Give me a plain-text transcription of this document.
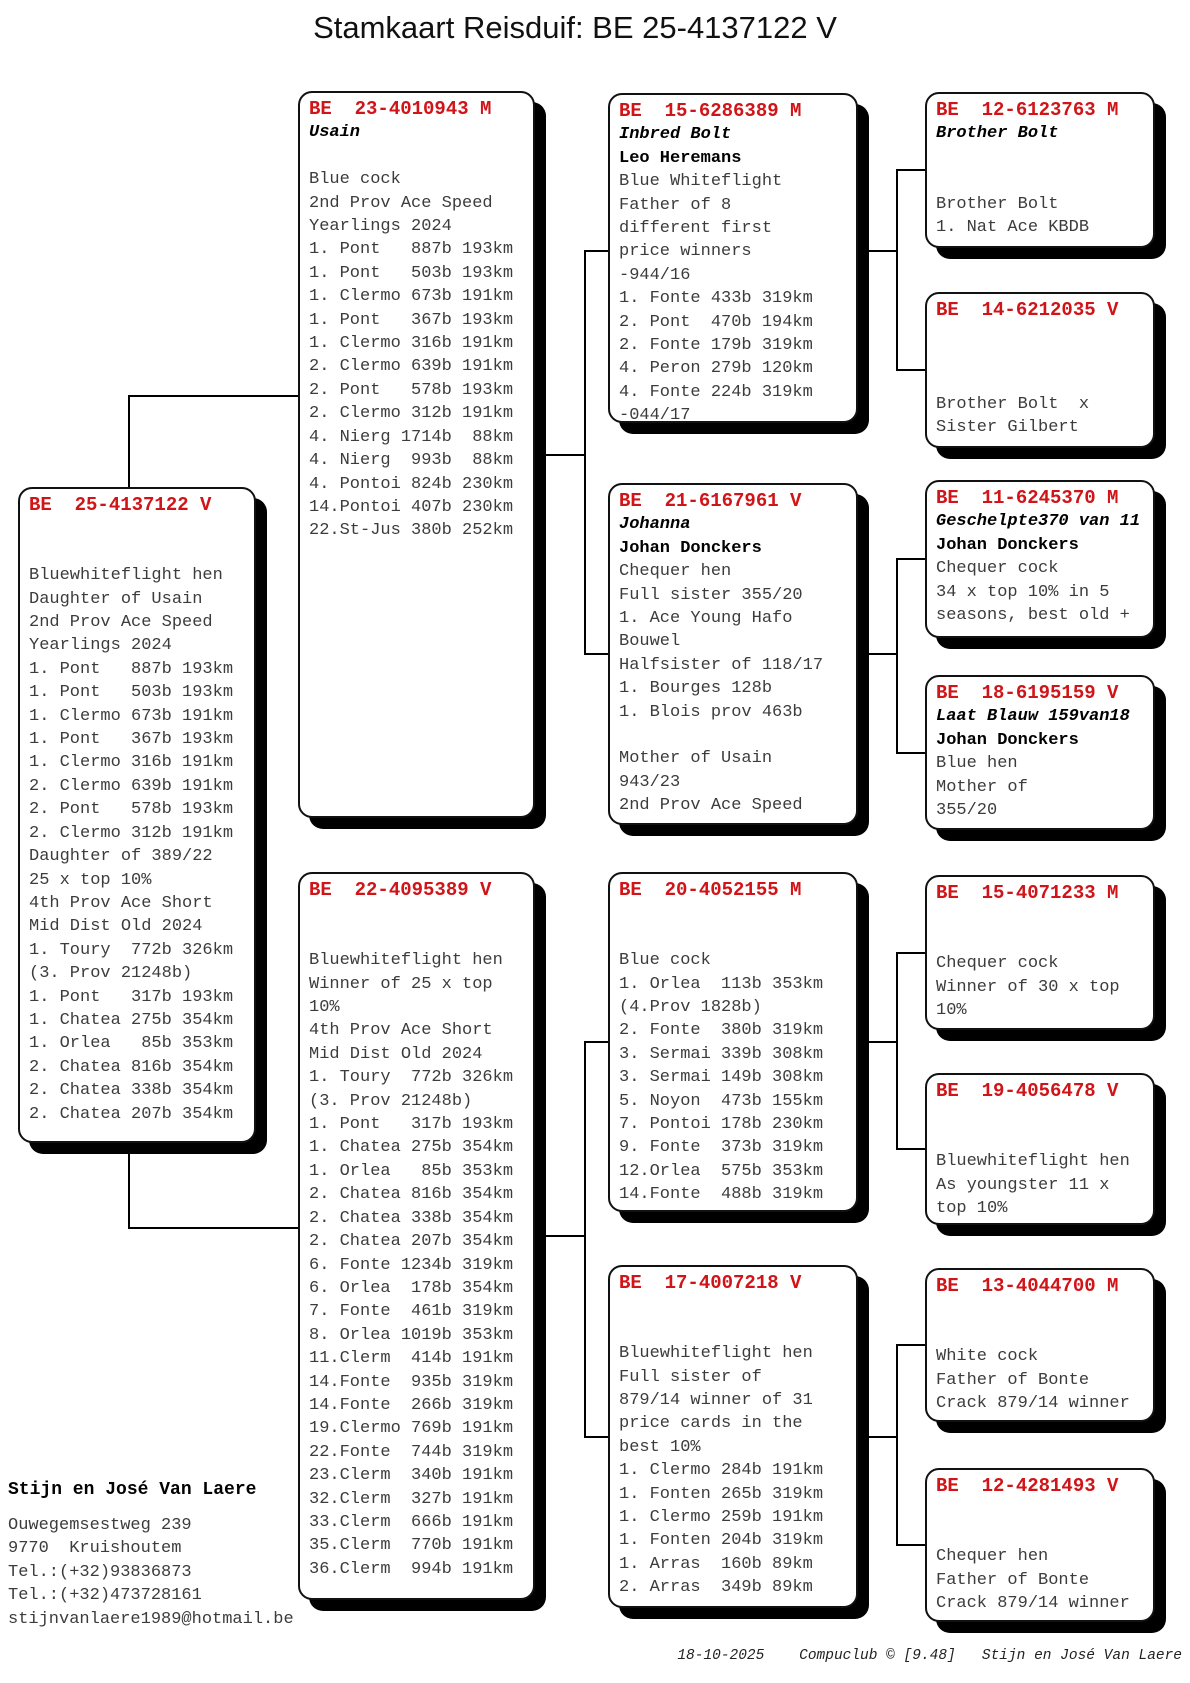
Stamkaart Reisduif: BE 25-4137122 V
BE  25-4137122 V

Bluewhiteflight hen
Daughter of Usain
2nd Prov Ace Speed
Yearlings 2024
1. Pont   887b 193km
1. Pont   503b 193km
1. Clermo 673b 191km
1. Pont   367b 193km
1. Clermo 316b 191km
2. Clermo 639b 191km
2. Pont   578b 193km
2. Clermo 312b 191km
Daughter of 389/22
25 x top 10%
4th Prov Ace Short
Mid Dist Old 2024
1. Toury  772b 326km
(3. Prov 21248b)
1. Pont   317b 193km
1. Chatea 275b 354km
1. Orlea   85b 353km
2. Chatea 816b 354km
2. Chatea 338b 354km
2. Chatea 207b 354km
BE  23-4010943 M
Usain

Blue cock
2nd Prov Ace Speed
Yearlings 2024
1. Pont   887b 193km
1. Pont   503b 193km
1. Clermo 673b 191km
1. Pont   367b 193km
1. Clermo 316b 191km
2. Clermo 639b 191km
2. Pont   578b 193km
2. Clermo 312b 191km
4. Nierg 1714b  88km
4. Nierg  993b  88km
4. Pontoi 824b 230km
14.Pontoi 407b 230km
22.St-Jus 380b 252km
BE  22-4095389 V

Bluewhiteflight hen
Winner of 25 x top
10%
4th Prov Ace Short
Mid Dist Old 2024
1. Toury  772b 326km
(3. Prov 21248b)
1. Pont   317b 193km
1. Chatea 275b 354km
1. Orlea   85b 353km
2. Chatea 816b 354km
2. Chatea 338b 354km
2. Chatea 207b 354km
6. Fonte 1234b 319km
6. Orlea  178b 354km
7. Fonte  461b 319km
8. Orlea 1019b 353km
11.Clerm  414b 191km
14.Fonte  935b 319km
14.Fonte  266b 319km
19.Clermo 769b 191km
22.Fonte  744b 319km
23.Clerm  340b 191km
32.Clerm  327b 191km
33.Clerm  666b 191km
35.Clerm  770b 191km
36.Clerm  994b 191km
BE  15-6286389 M
Inbred Bolt
Leo Heremans
Blue Whiteflight
Father of 8
different first
price winners
-944/16
1. Fonte 433b 319km
2. Pont  470b 194km
2. Fonte 179b 319km
4. Peron 279b 120km
4. Fonte 224b 319km
-044/17
BE  21-6167961 V
Johanna
Johan Donckers
Chequer hen
Full sister 355/20
1. Ace Young Hafo
Bouwel
Halfsister of 118/17
1. Bourges 128b
1. Blois prov 463b

Mother of Usain
943/23
2nd Prov Ace Speed
BE  20-4052155 M

Blue cock
1. Orlea  113b 353km
(4.Prov 1828b)
2. Fonte  380b 319km
3. Sermai 339b 308km
3. Sermai 149b 308km
5. Noyon  473b 155km
7. Pontoi 178b 230km
9. Fonte  373b 319km
12.Orlea  575b 353km
14.Fonte  488b 319km
BE  17-4007218 V

Bluewhiteflight hen
Full sister of
879/14 winner of 31
price cards in the
best 10%
1. Clermo 284b 191km
1. Fonten 265b 319km
1. Clermo 259b 191km
1. Fonten 204b 319km
1. Arras  160b 89km
2. Arras  349b 89km
BE  12-6123763 M
Brother Bolt

Brother Bolt
1. Nat Ace KBDB
BE  14-6212035 V

Brother Bolt  x
Sister Gilbert
BE  11-6245370 M
Geschelpte370 van 11
Johan Donckers
Chequer cock
34 x top 10% in 5
seasons, best old +
BE  18-6195159 V
Laat Blauw 159van18
Johan Donckers
Blue hen
Mother of
355/20
BE  15-4071233 M

Chequer cock
Winner of 30 x top
10%
BE  19-4056478 V

Bluewhiteflight hen
As youngster 11 x
top 10%
BE  13-4044700 M

White cock
Father of Bonte
Crack 879/14 winner
BE  12-4281493 V

Chequer hen
Father of Bonte
Crack 879/14 winner
Stijn en José Van Laere
Ouwegemsestweg 239
9770  Kruishoutem
Tel.:(+32)93836873
Tel.:(+32)473728161
stijnvanlaere1989@hotmail.be
18-10-2025    Compuclub © [9.48]   Stijn en José Van Laere
